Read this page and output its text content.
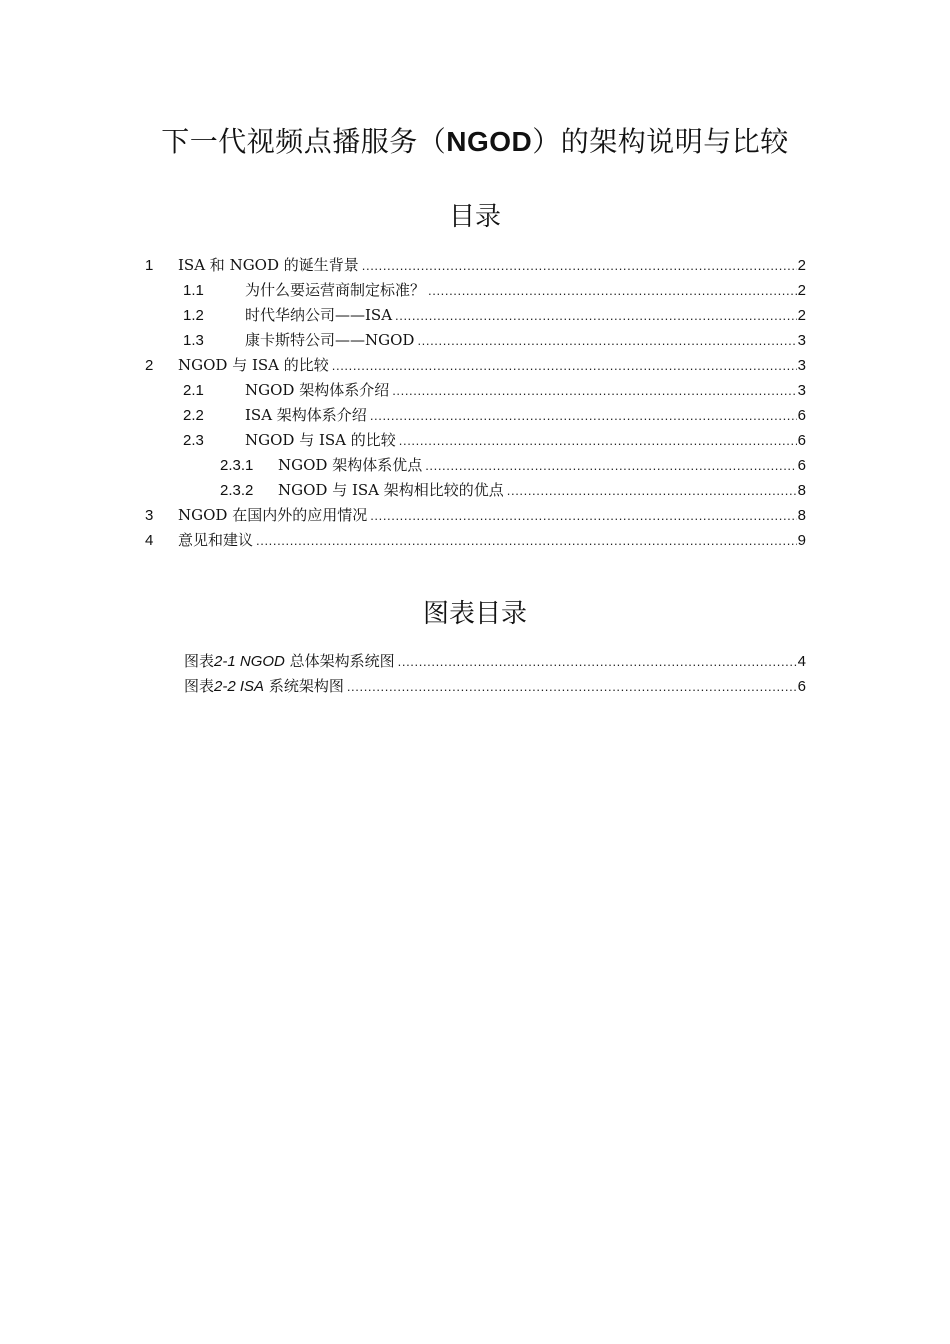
下一代视频点播服务（NGOD）的架构说明与比较
目录
1 ISA 和 NGOD 的诞生背景 .....	2
1.1	为什么要运营商制定标准？ .....	2
1.2	时代华纳公司——ISA .....	2
1.3	康卡斯特公司——NGOD .....	3
2 NGOD 与 ISA 的比较 .....	3
2.1	NGOD 架构体系介绍 .....	3
2.2	ISA 架构体系介绍 .....	6
2.3	NGOD 与 ISA 的比较 .....	6
2.3.1 NGOD 架构体系优点 .....	6
2.3.2 NGOD 与 ISA 架构相比较的优点 .....	8
3 NGOD 在国内外的应用情况 .....	8
4 意见和建议 .....	9
图表目录
图表2-1 NGOD 总体架构系统图 .....	4
图表2-2 ISA 系统架构图 .....	6
